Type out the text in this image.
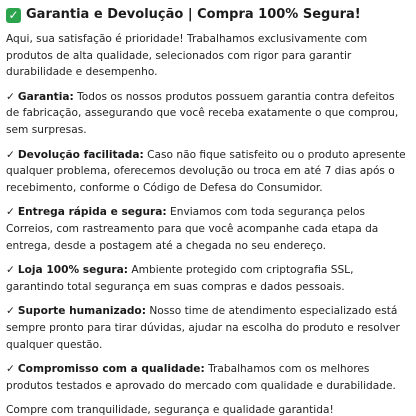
✓ Garantia e Devolução | Compra 100% Segura!

Aqui, sua satisfação é prioridade! Trabalhamos exclusivamente com produtos de alta qualidade, selecionados com rigor para garantir durabilidade e desempenho.

✓ Garantia: Todos os nossos produtos possuem garantia contra defeitos de fabricação, assegurando que você receba exatamente o que comprou, sem surpresas.

✓ Devolução facilitada: Caso não fique satisfeito ou o produto apresente qualquer problema, oferecemos devolução ou troca em até 7 dias após o recebimento, conforme o Código de Defesa do Consumidor.

✓ Entrega rápida e segura: Enviamos com toda segurança pelos Correios, com rastreamento para que você acompanhe cada etapa da entrega, desde a postagem até a chegada no seu endereço.

✓ Loja 100% segura: Ambiente protegido com criptografia SSL, garantindo total segurança em suas compras e dados pessoais.

✓ Suporte humanizado: Nosso time de atendimento especializado está sempre pronto para tirar dúvidas, ajudar na escolha do produto e resolver qualquer questão.

✓ Compromisso com a qualidade: Trabalhamos com os melhores produtos testados e aprovado do mercado com qualidade e durabilidade.

Compre com tranquilidade, segurança e qualidade garantida!
